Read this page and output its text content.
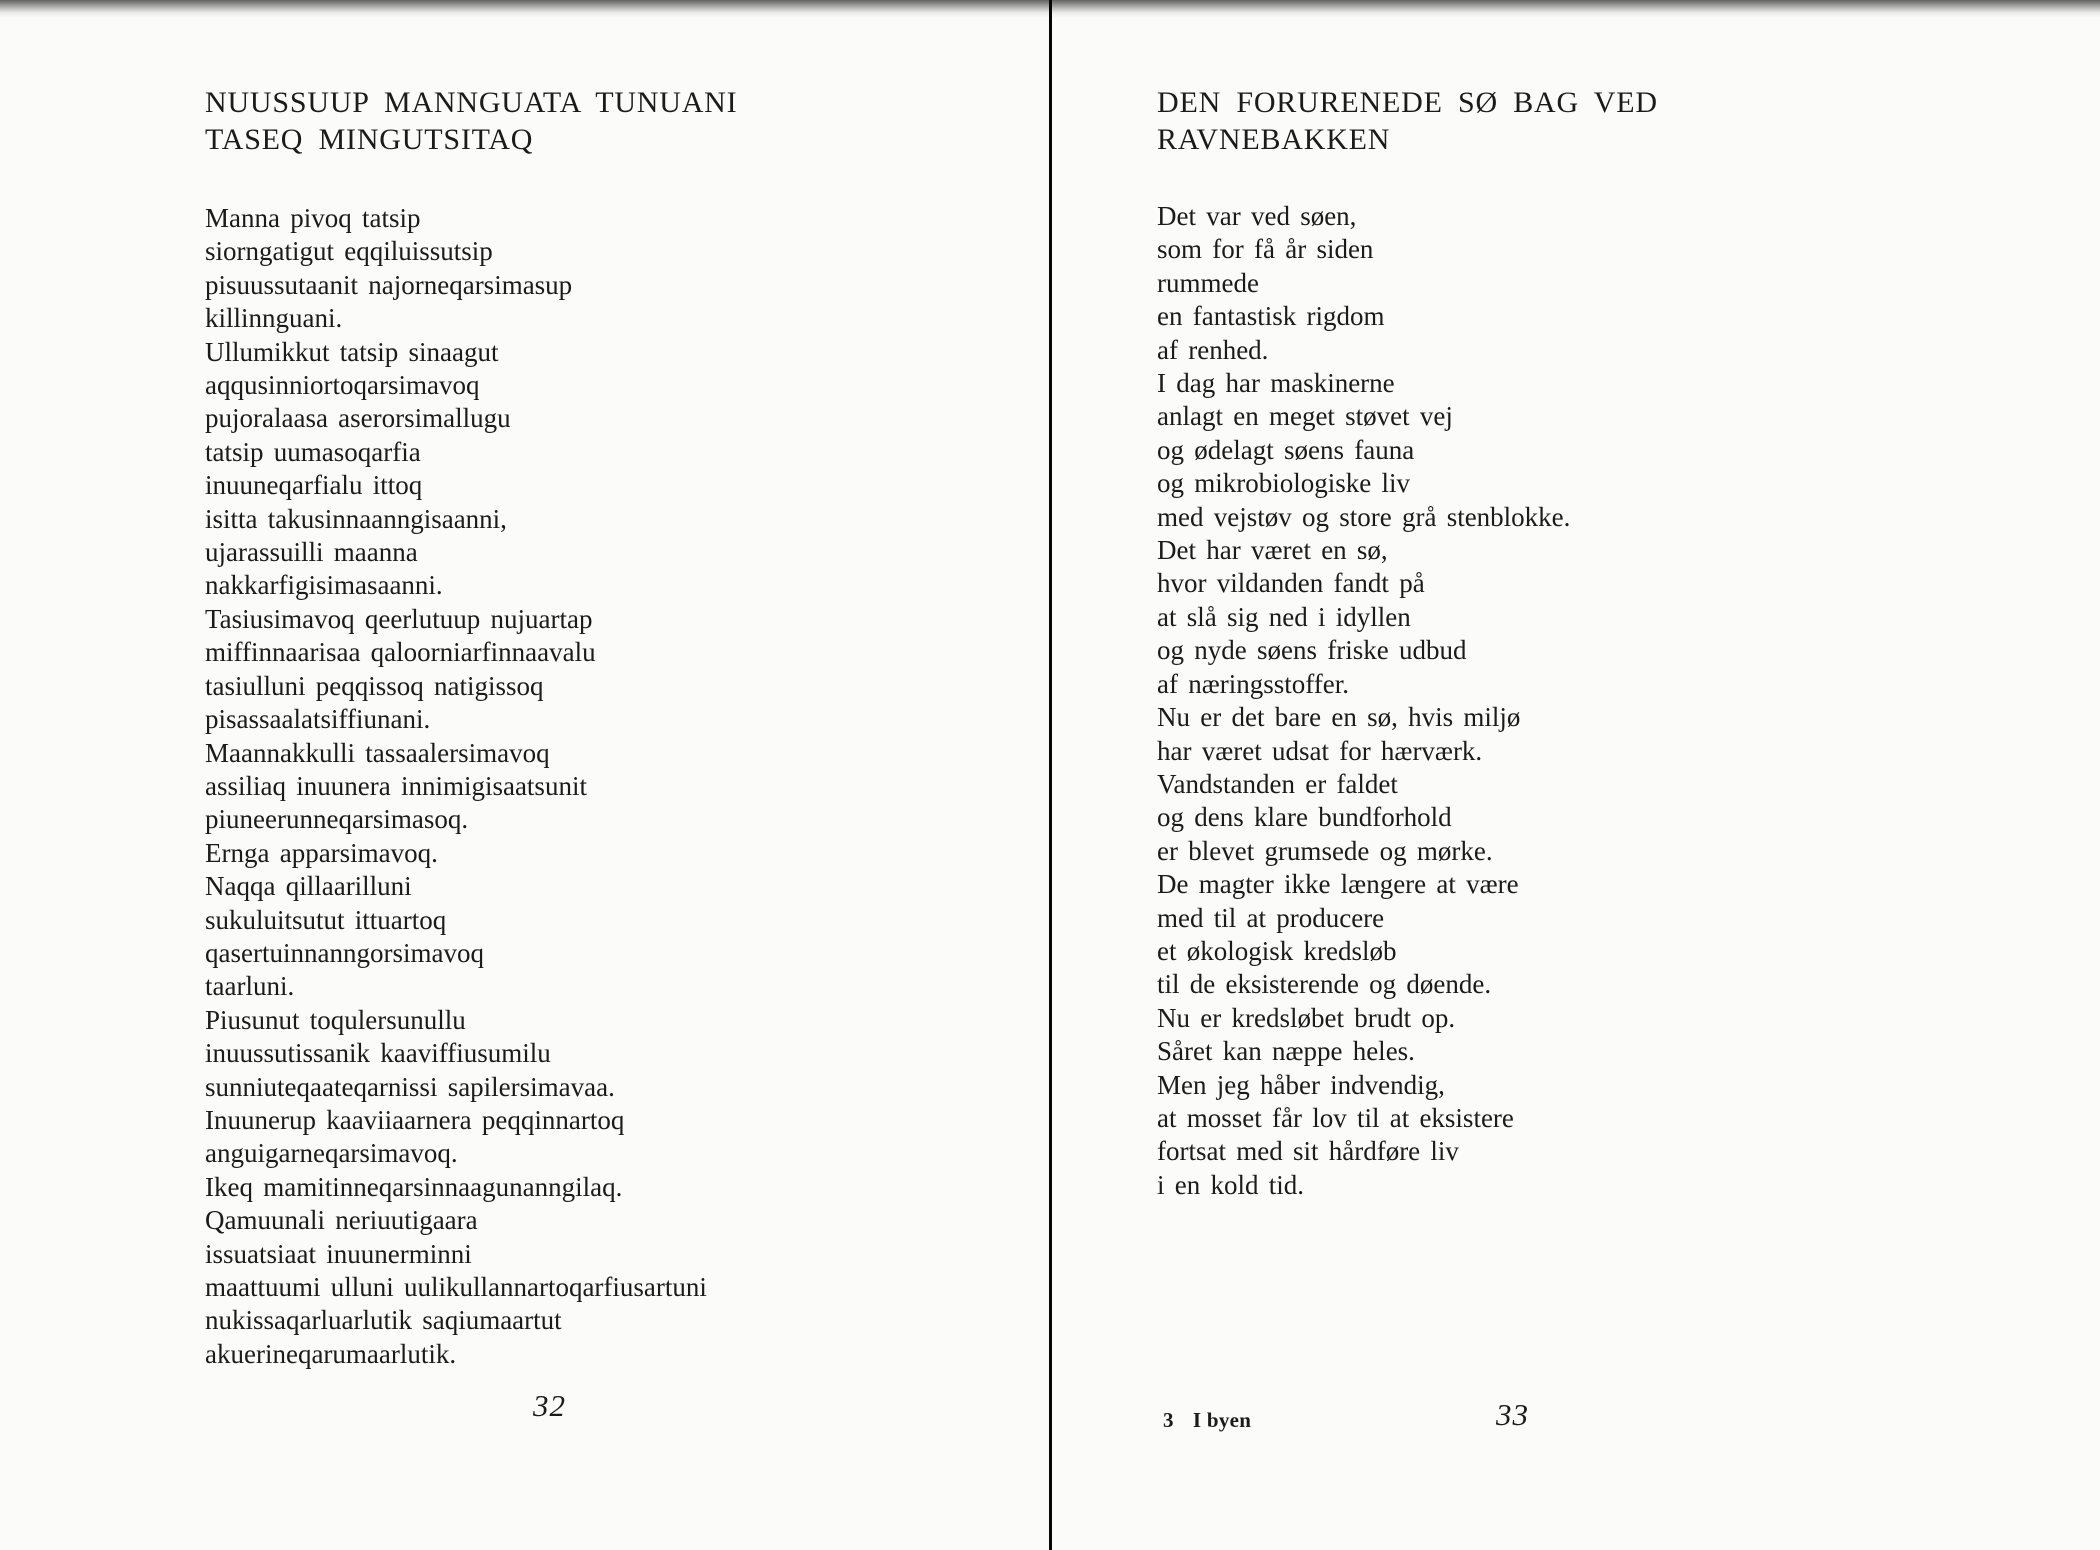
NUUSSUUP MANNGUATA TUNUANI
TASEQ MINGUTSITAQ
Manna pivoq tatsip
siorngatigut eqqiluissutsip
pisuussutaanit najorneqarsimasup
killinnguani.
Ullumikkut tatsip sinaagut
aqqusinniortoqarsimavoq
pujoralaasa aserorsimallugu
tatsip uumasoqarfia
inuuneqarfialu ittoq
isitta takusinnaanngisaanni,
ujarassuilli maanna
nakkarfigisimasaanni.
Tasiusimavoq qeerlutuup nujuartap
miffinnaarisaa qaloorniarfinnaavalu
tasiulluni peqqissoq natigissoq
pisassaalatsiffiunani.
Maannakkulli tassaalersimavoq
assiliaq inuunera innimigisaatsunit
piuneerunneqarsimasoq.
Ernga apparsimavoq.
Naqqa qillaarilluni
sukuluitsutut ittuartoq
qasertuinnanngorsimavoq
taarluni.
Piusunut toqulersunullu
inuussutissanik kaaviffiusumilu
sunniuteqaateqarnissi sapilersimavaa.
Inuunerup kaaviiaarnera peqqinnartoq
anguigarneqarsimavoq.
Ikeq mamitinneqarsinnaagunanngilaq.
Qamuunali neriuutigaara
issuatsiaat inuunerminni
maattuumi ulluni uulikullannartoqarfiusartuni
nukissaqarluarlutik saqiumaartut
akuerineqarumaarlutik.
32
DEN FORURENEDE SØ BAG VED
RAVNEBAKKEN
Det var ved søen,
som for få år siden
rummede
en fantastisk rigdom
af renhed.
I dag har maskinerne
anlagt en meget støvet vej
og ødelagt søens fauna
og mikrobiologiske liv
med vejstøv og store grå stenblokke.
Det har været en sø,
hvor vildanden fandt på
at slå sig ned i idyllen
og nyde søens friske udbud
af næringsstoffer.
Nu er det bare en sø, hvis miljø
har været udsat for hærværk.
Vandstanden er faldet
og dens klare bundforhold
er blevet grumsede og mørke.
De magter ikke længere at være
med til at producere
et økologisk kredsløb
til de eksisterende og døende.
Nu er kredsløbet brudt op.
Såret kan næppe heles.
Men jeg håber indvendig,
at mosset får lov til at eksistere
fortsat med sit hårdføre liv
i en kold tid.
3 I byen	33
